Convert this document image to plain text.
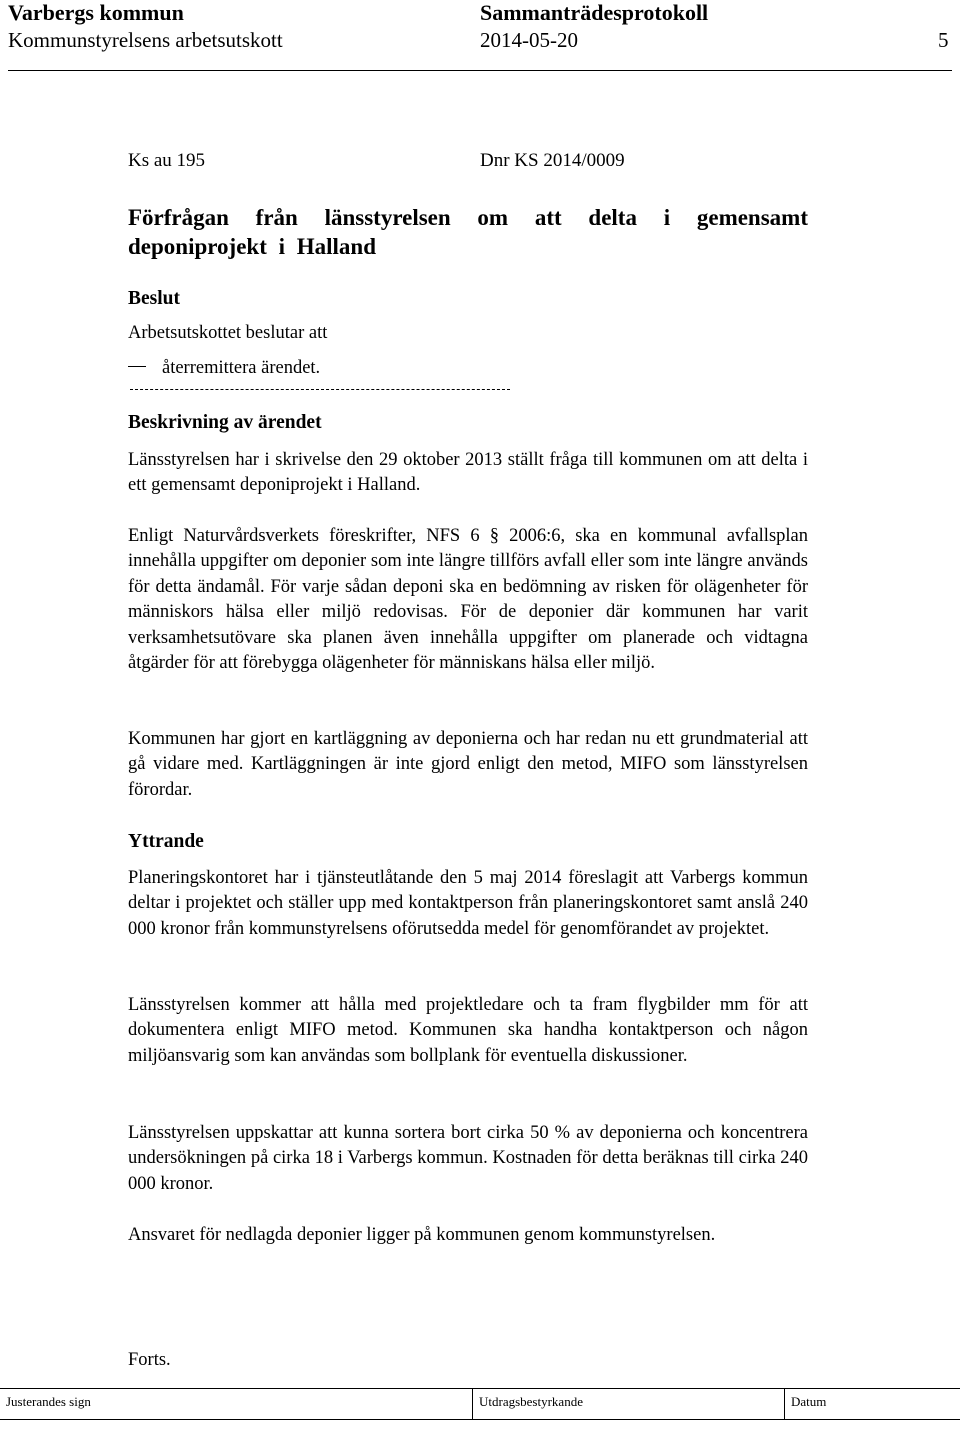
Varbergs kommun	Sammanträdesprotokoll
Kommunstyrelsens arbetsutskott	2014-05-20	5
Ks au 195	Dnr KS 2014/0009
Förfrågan från länsstyrelsen om att delta i gemensamt deponiprojekt i Halland
Beslut
Arbetsutskottet beslutar att
återremittera ärendet.
Beskrivning av ärendet
Länsstyrelsen har i skrivelse den 29 oktober 2013 ställt fråga till kommunen om att delta i ett gemensamt deponiprojekt i Halland.
Enligt Naturvårdsverkets föreskrifter, NFS 6 § 2006:6, ska en kommunal avfallsplan innehålla uppgifter om deponier som inte längre tillförs avfall eller som inte längre används för detta ändamål. För varje sådan deponi ska en bedömning av risken för olägenheter för människors hälsa eller miljö redovisas. För de deponier där kommunen har varit verksamhetsutövare ska planen även innehålla uppgifter om planerade och vidtagna åtgärder för att förebygga olägenheter för människans hälsa eller miljö.
Kommunen har gjort en kartläggning av deponierna och har redan nu ett grundmaterial att gå vidare med. Kartläggningen är inte gjord enligt den metod, MIFO som länsstyrelsen förordar.
Yttrande
Planeringskontoret har i tjänsteutlåtande den 5 maj 2014 föreslagit att Varbergs kommun deltar i projektet och ställer upp med kontaktperson från planeringskontoret samt anslå 240 000 kronor från kommunstyrelsens oförutsedda medel för genomförandet av projektet.
Länsstyrelsen kommer att hålla med projektledare och ta fram flygbilder mm för att dokumentera enligt MIFO metod. Kommunen ska handha kontaktperson och någon miljöansvarig som kan användas som bollplank för eventuella diskussioner.
Länsstyrelsen uppskattar att kunna sortera bort cirka 50 % av deponierna och koncentrera undersökningen på cirka 18 i Varbergs kommun. Kostnaden för detta beräknas till cirka 240 000 kronor.
Ansvaret för nedlagda deponier ligger på kommunen genom kommunstyrelsen.
Forts.
Justerandes sign	Utdragsbestyrkande	Datum
